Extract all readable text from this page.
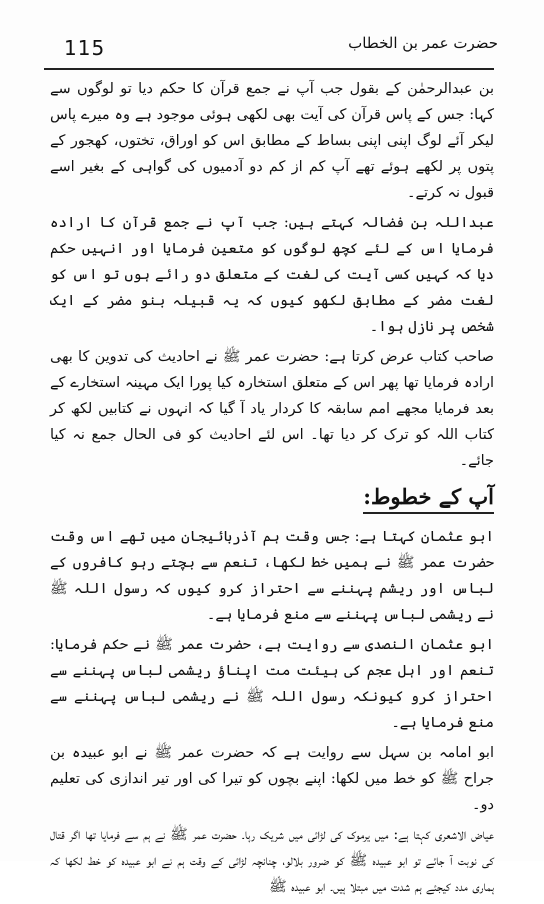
115	حضرت عمر بن الخطاب

بن عبدالرحمٰن کے بقول جب آپ نے جمع قرآن کا حکم دیا تو لوگوں سے کہا: جس کے پاس قرآن کی آیت بھی لکھی ہوئی موجود ہے وہ میرے پاس لیکر آئے لوگ اپنی اپنی بساط کے مطابق اس کو اوراق، تختوں، کھجور کے پتوں پر لکھے ہوئے تھے آپ کم از کم دو آدمیوں کی گواہی کے بغیر اسے قبول نہ کرتے۔

عبداللہ بن فضالہ کہتے ہیں: جب آپ نے جمع قرآن کا ارادہ فرمایا اس کے لئے کچھ لوگوں کو متعین فرمایا اور انہیں حکم دیا کہ کہیں کسی آیت کی لغت کے متعلق دو رائے ہوں تو اس کو لغت مضر کے مطابق لکھو کیوں کہ یہ قبیلہ بنو مضر کے ایک شخص پر نازل ہوا۔

صاحب کتاب عرض کرتا ہے: حضرت عمر ﷺ نے احادیث کی تدوین کا بھی ارادہ فرمایا تھا پھر اس کے متعلق استخارہ کیا پورا ایک مہینہ استخارے کے بعد فرمایا مجھے امم سابقہ کا کردار یاد آ گیا کہ انہوں نے کتابیں لکھ کر کتاب اللہ کو ترک کر دیا تھا۔ اس لئے احادیث کو فی الحال جمع نہ کیا جائے۔

آپ کے خطوط:

ابو عثمان کہتا ہے: جس وقت ہم آذربائیجان میں تھے اس وقت حضرت عمر ﷺ نے ہمیں خط لکھا، تنعم سے بچتے رہو کافروں کے لباس اور ریشم پہننے سے احتراز کرو کیوں کہ رسول اللہ ﷺ نے ریشمی لباس پہننے سے منع فرمایا ہے۔

ابو عثمان النصدی سے روایت ہے، حضرت عمر ﷺ نے حکم فرمایا: تنعم اور اہل عجم کی ہیئت مت اپناؤ ریشمی لباس پہننے سے احتراز کرو کیونکہ رسول اللہ ﷺ نے ریشمی لباس پہننے سے منع فرمایا ہے۔

ابو امامہ بن سہل سے روایت ہے کہ حضرت عمر ﷺ نے ابو عبیدہ بن جراح ﷺ کو خط میں لکھا: اپنے بچوں کو تیرا کی اور تیر اندازی کی تعلیم دو۔

عیاض الاشعری کہتا ہے: میں یرموک کی لڑائی میں شریک رہا۔ حضرت عمر ﷺ نے ہم سے فرمایا تھا اگر قتال کی نوبت آ جائے تو ابو عبیدہ ﷺ کو ضرور بلالو، چنانچہ لڑائی کے وقت ہم نے ابو عبیدہ کو خط لکھا کہ ہماری مدد کیجئے ہم شدت میں مبتلا ہیں۔ ابو عبیدہ ﷺ
